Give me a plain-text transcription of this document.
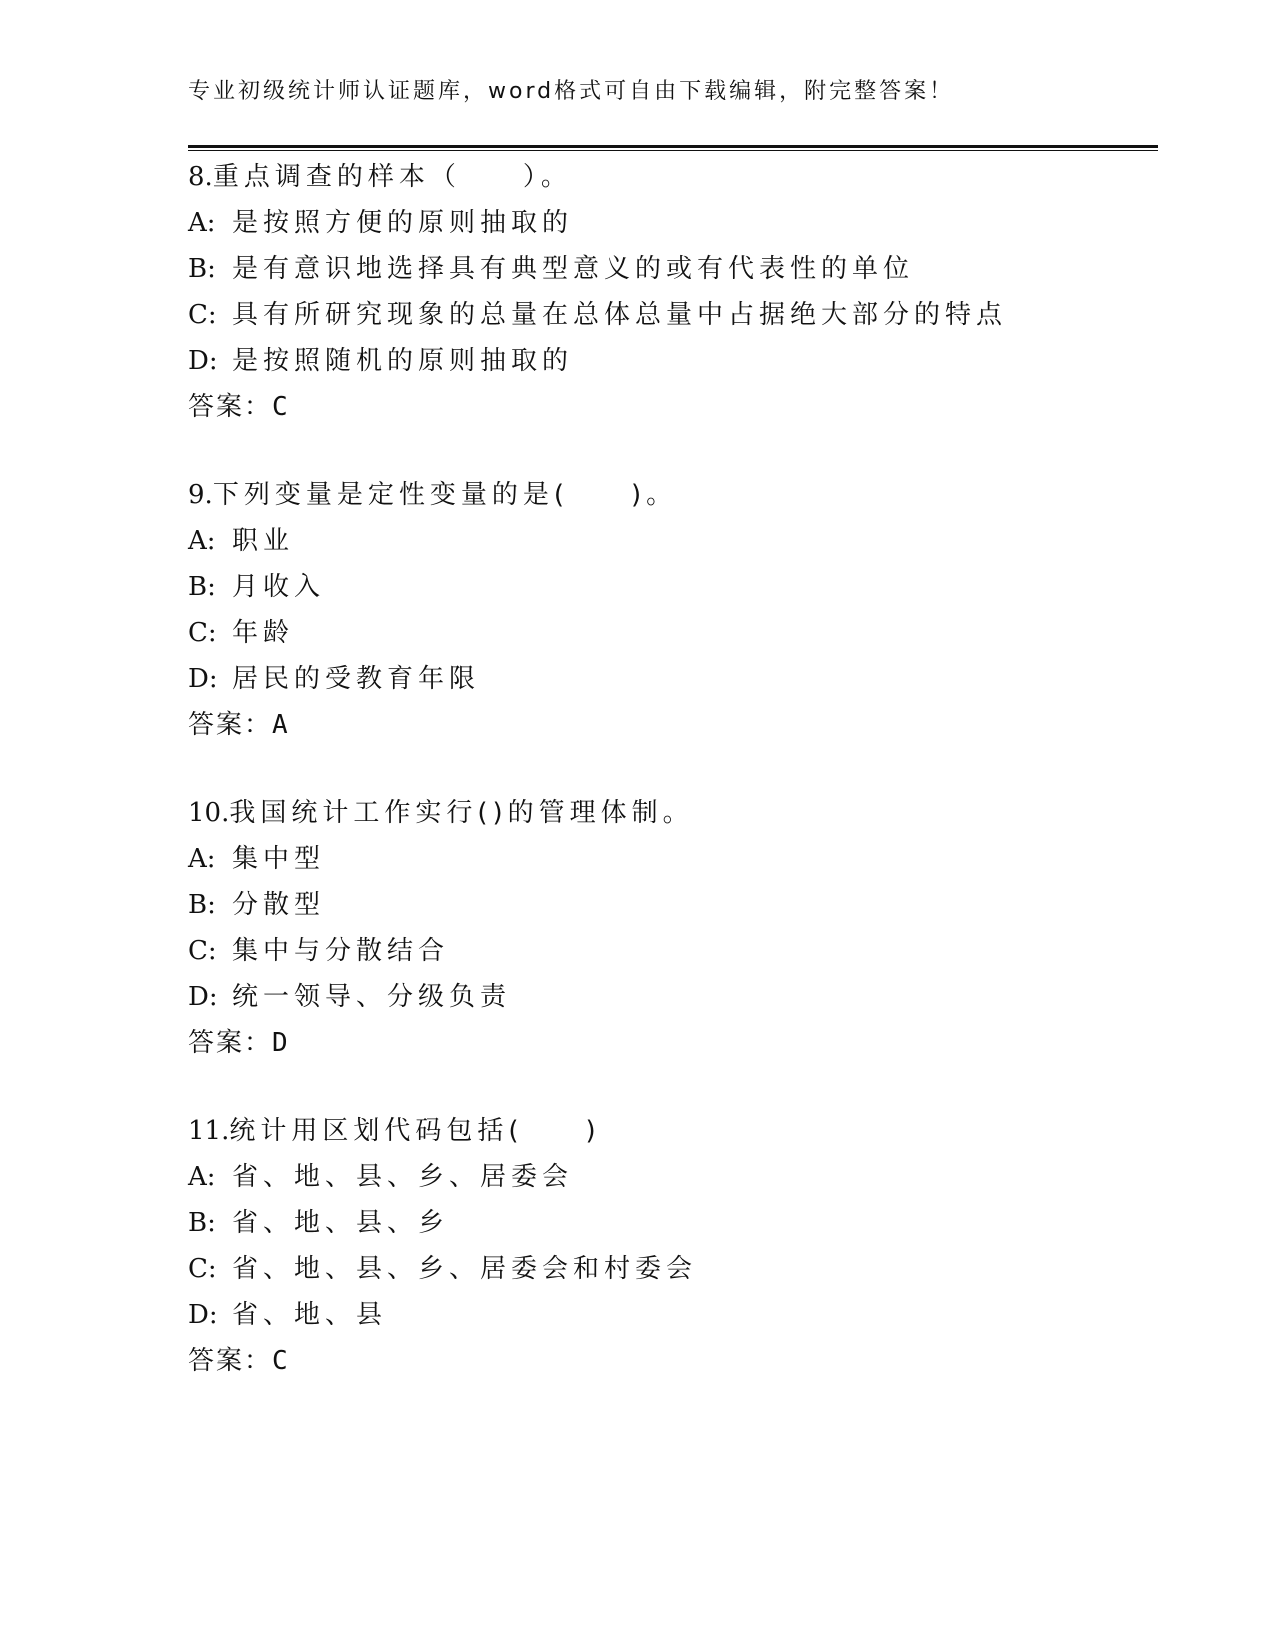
专业初级统计师认证题库，word格式可自由下载编辑，附完整答案！
8.重点调查的样本（　　）。
A: 是按照方便的原则抽取的
B: 是有意识地选择具有典型意义的或有代表性的单位
C: 具有所研究现象的总量在总体总量中占据绝大部分的特点
D: 是按照随机的原则抽取的
答案：C
9.下列变量是定性变量的是(　　)。
A: 职业
B: 月收入
C: 年龄
D: 居民的受教育年限
答案：A
10.我国统计工作实行()的管理体制。
A: 集中型
B: 分散型
C: 集中与分散结合
D: 统一领导、分级负责
答案：D
11.统计用区划代码包括(　　)
A: 省、地、县、乡、居委会
B: 省、地、县、乡
C: 省、地、县、乡、居委会和村委会
D: 省、地、县
答案：C
